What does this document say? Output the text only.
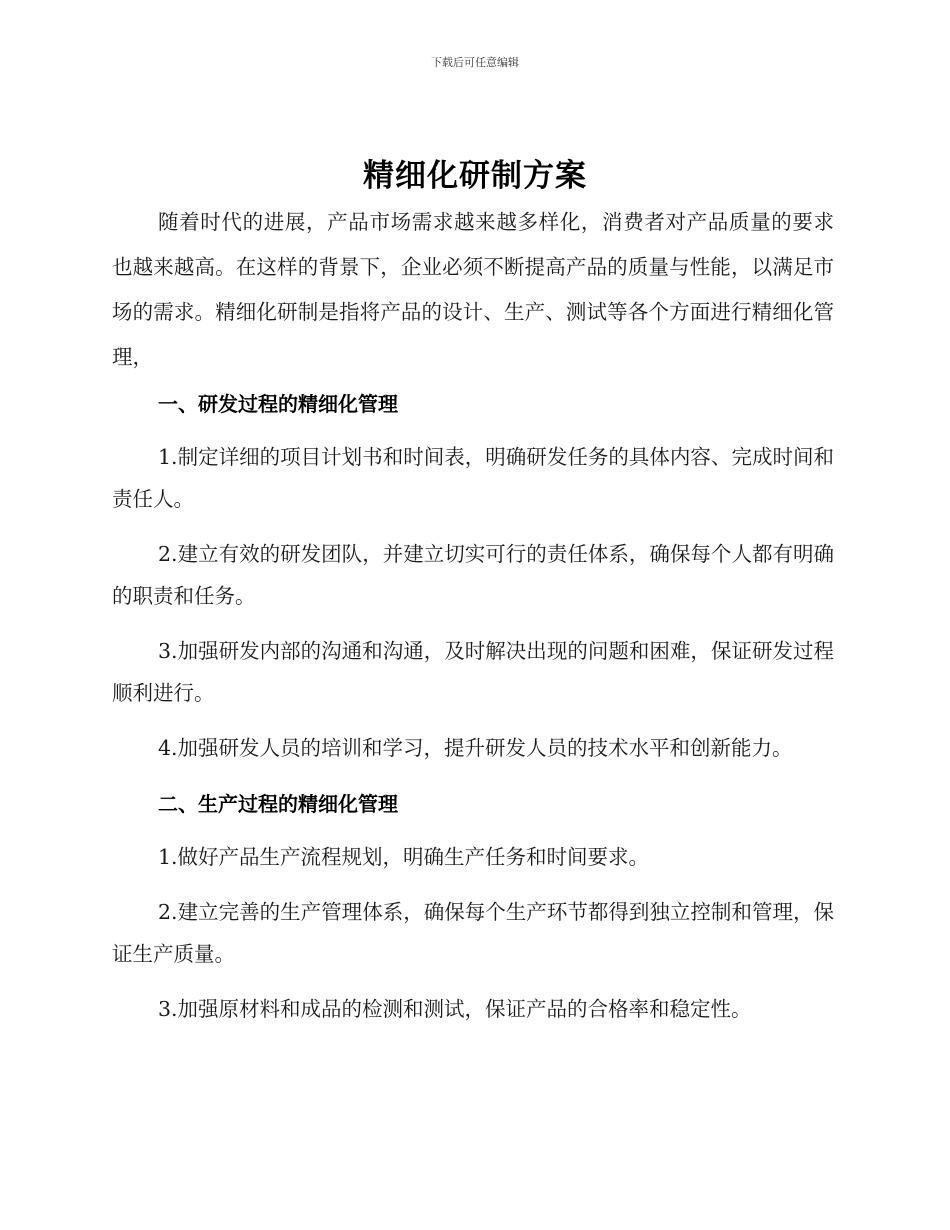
下载后可任意编辑
精细化研制方案

随着时代的进展，产品市场需求越来越多样化，消费者对产品质量的要求也越来越高。在这样的背景下，企业必须不断提高产品的质量与性能，以满足市场的需求。精细化研制是指将产品的设计、生产、测试等各个方面进行精细化管理，

一、研发过程的精细化管理

1.制定详细的项目计划书和时间表，明确研发任务的具体内容、完成时间和责任人。

2.建立有效的研发团队，并建立切实可行的责任体系，确保每个人都有明确的职责和任务。

3.加强研发内部的沟通和沟通，及时解决出现的问题和困难，保证研发过程顺利进行。

4.加强研发人员的培训和学习，提升研发人员的技术水平和创新能力。

二、生产过程的精细化管理

1.做好产品生产流程规划，明确生产任务和时间要求。

2.建立完善的生产管理体系，确保每个生产环节都得到独立控制和管理，保证生产质量。

3.加强原材料和成品的检测和测试，保证产品的合格率和稳定性。
